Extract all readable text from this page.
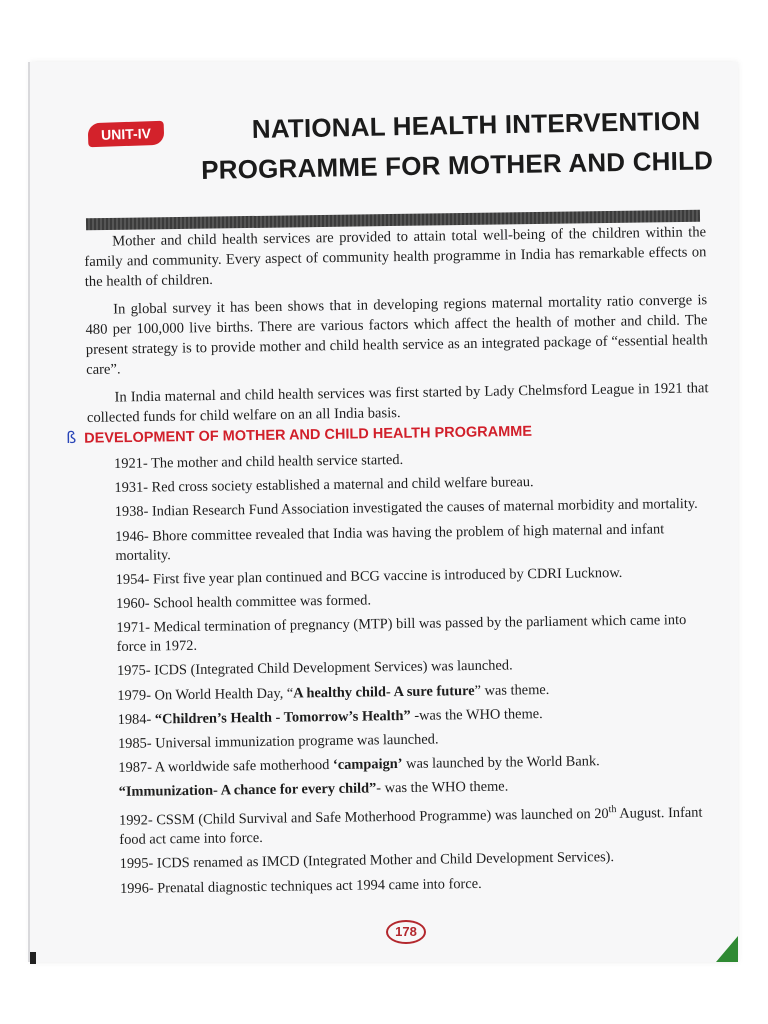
UNIT-IV	NATIONAL HEALTH INTERVENTION
PROGRAMME FOR MOTHER AND CHILD

Mother and child health services are provided to attain total well-being of the children within the family and community. Every aspect of community health programme in India has remarkable effects on the health of children.

In global survey it has been shows that in developing regions maternal mortality ratio converge is 480 per 100,000 live births. There are various factors which affect the health of mother and child. The present strategy is to provide mother and child health service as an integrated package of “essential health care”.

In India maternal and child health services was first started by Lady Chelmsford League in 1921 that collected funds for child welfare on an all India basis.

ß DEVELOPMENT OF MOTHER AND CHILD HEALTH PROGRAMME
1921- The mother and child health service started.
1931- Red cross society established a maternal and child welfare bureau.
1938- Indian Research Fund Association investigated the causes of maternal morbidity and mortality.
1946- Bhore committee revealed that India was having the problem of high maternal and infant mortality.
1954- First five year plan continued and BCG vaccine is introduced by CDRI Lucknow.
1960- School health committee was formed.
1971- Medical termination of pregnancy (MTP) bill was passed by the parliament which came into force in 1972.
1975- ICDS (Integrated Child Development Services) was launched.
1979- On World Health Day, “A healthy child- A sure future” was theme.
1984- “Children’s Health - Tomorrow’s Health” -was the WHO theme.
1985- Universal immunization programe was launched.
1987- A worldwide safe motherhood ‘campaign’ was launched by the World Bank.
“Immunization- A chance for every child”- was the WHO theme.
1992- CSSM (Child Survival and Safe Motherhood Programme) was launched on 20th August. Infant food act came into force.
1995- ICDS renamed as IMCD (Integrated Mother and Child Development Services).
1996- Prenatal diagnostic techniques act 1994 came into force.
178
